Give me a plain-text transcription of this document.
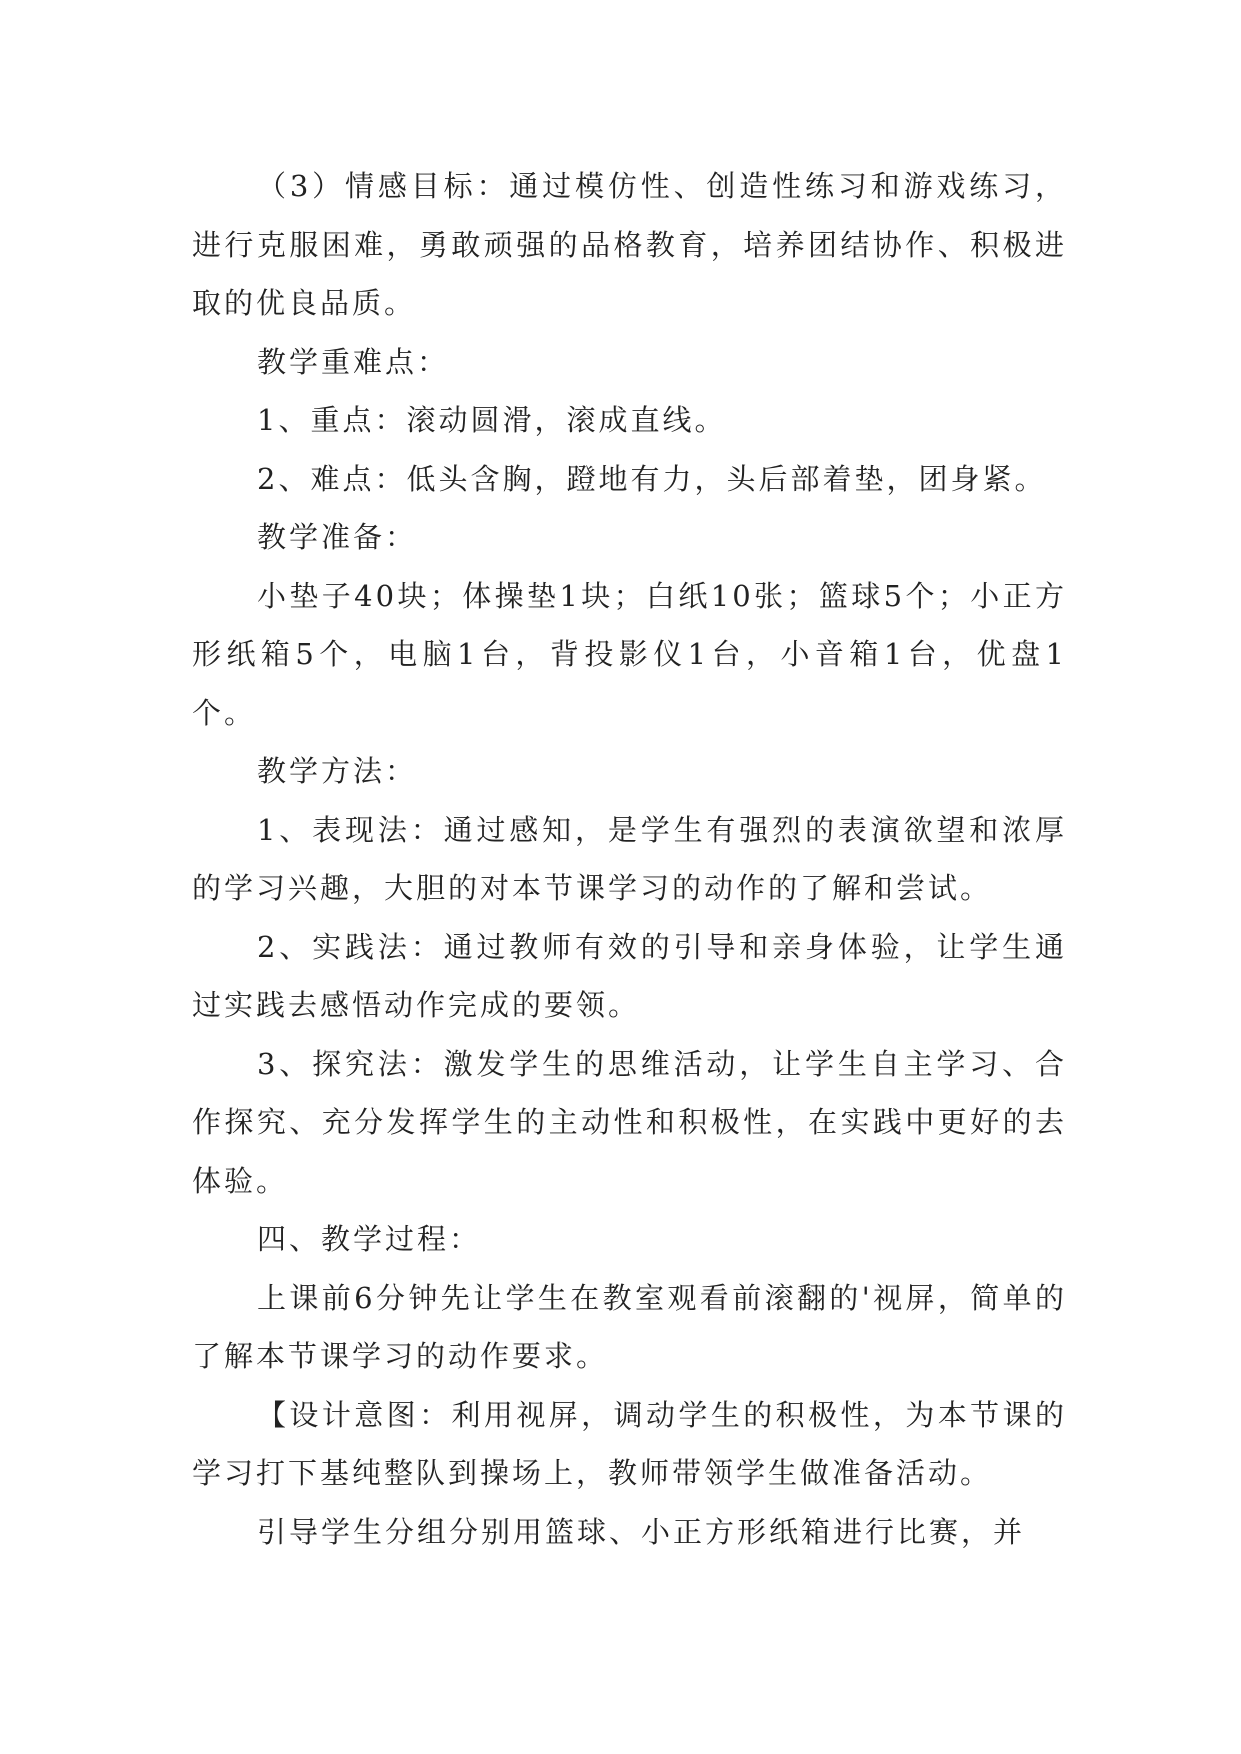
（3）情感目标：通过模仿性、创造性练习和游戏练习，进行克服困难，勇敢顽强的品格教育，培养团结协作、积极进取的优良品质。

教学重难点：

1、重点：滚动圆滑，滚成直线。

2、难点：低头含胸，蹬地有力，头后部着垫，团身紧。

教学准备：

小垫子40块；体操垫1块；白纸10张；篮球5个；小正方形纸箱5个，电脑1台，背投影仪1台，小音箱1台，优盘1个。

教学方法：

1、表现法：通过感知，是学生有强烈的表演欲望和浓厚的学习兴趣，大胆的对本节课学习的动作的了解和尝试。

2、实践法：通过教师有效的引导和亲身体验，让学生通过实践去感悟动作完成的要领。

3、探究法：激发学生的思维活动，让学生自主学习、合作探究、充分发挥学生的主动性和积极性，在实践中更好的去体验。

四、教学过程：

上课前6分钟先让学生在教室观看前滚翻的'视屏，简单的了解本节课学习的动作要求。

【设计意图：利用视屏，调动学生的积极性，为本节课的学习打下基纯整队到操场上，教师带领学生做准备活动。

引导学生分组分别用篮球、小正方形纸箱进行比赛，并
